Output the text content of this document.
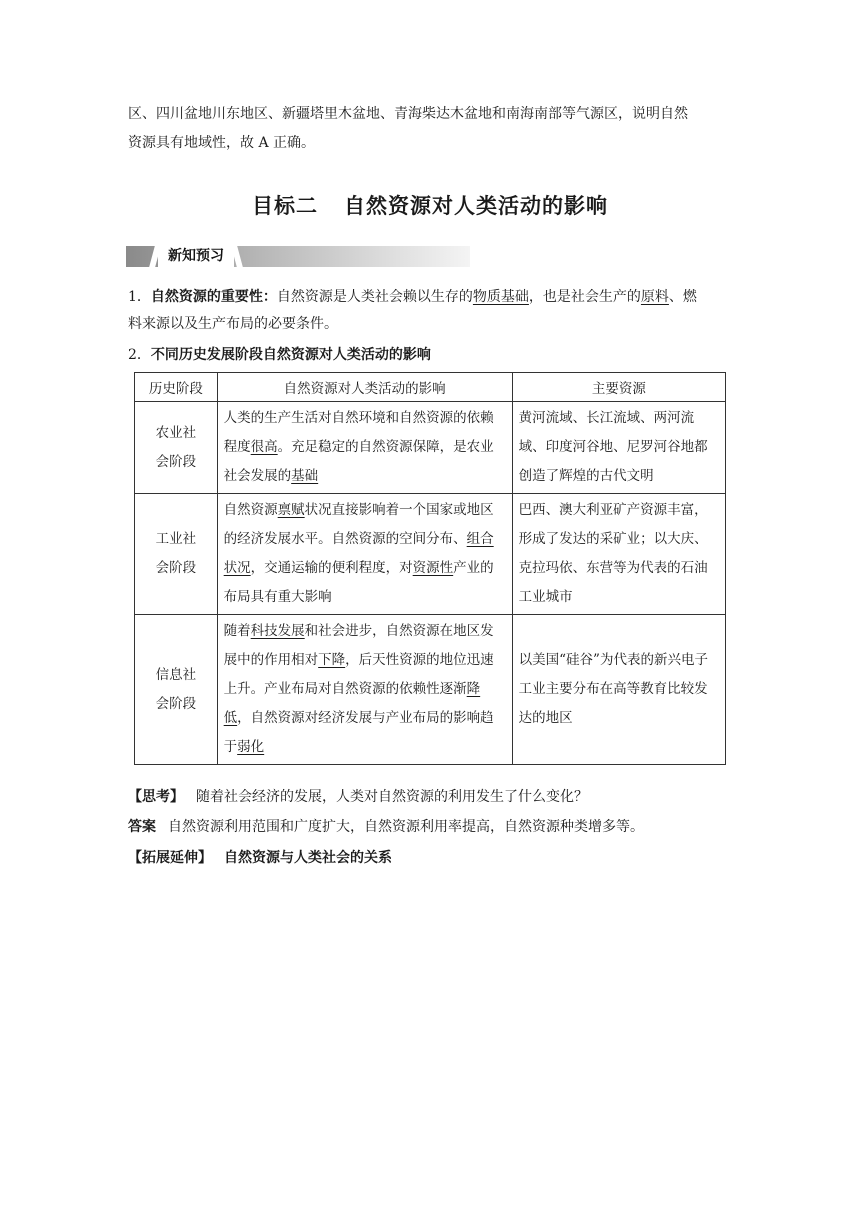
区、四川盆地川东地区、新疆塔里木盆地、青海柴达木盆地和南海南部等气源区，说明自然

资源具有地域性，故 A 正确。

目标二 自然资源对人类活动的影响
新知预习

1．自然资源的重要性：自然资源是人类社会赖以生存的物质基础，也是社会生产的原料、燃

料来源以及生产布局的必要条件。

2．不同历史发展阶段自然资源对人类活动的影响

历史阶段	自然资源对人类活动的影响	主要资源
农业社
会阶段	人类的生产生活对自然环境和自然资源的依赖程度很高。充足稳定的自然资源保障，是农业社会发展的基础	黄河流域、长江流域、两河流域、印度河谷地、尼罗河谷地都创造了辉煌的古代文明
工业社
会阶段	自然资源禀赋状况直接影响着一个国家或地区的经济发展水平。自然资源的空间分布、组合状况，交通运输的便利程度，对资源性产业的布局具有重大影响	巴西、澳大利亚矿产资源丰富，形成了发达的采矿业；以大庆、克拉玛依、东营等为代表的石油工业城市
信息社
会阶段	随着科技发展和社会进步，自然资源在地区发展中的作用相对下降，后天性资源的地位迅速上升。产业布局对自然资源的依赖性逐渐降低，自然资源对经济发展与产业布局的影响趋于弱化	以美国“硅谷”为代表的新兴电子工业主要分布在高等教育比较发达的地区

【思考】 随着社会经济的发展，人类对自然资源的利用发生了什么变化？

答案 自然资源利用范围和广度扩大，自然资源利用率提高，自然资源种类增多等。

【拓展延伸】 自然资源与人类社会的关系
